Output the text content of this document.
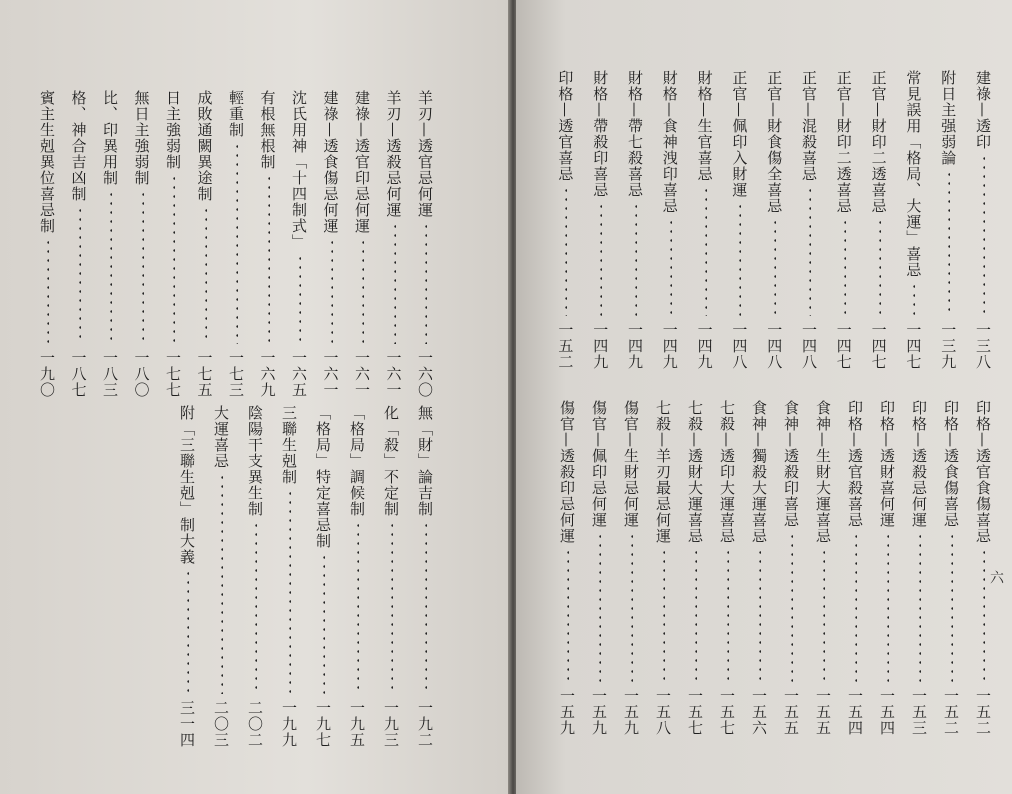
六
建祿—透印
一三八
附日主强弱論
一三九
常見誤用「格局、大運」喜忌
一四七
正官—財印二透喜忌
一四七
正官—財印二透喜忌
一四七
正官—混殺喜忌
一四八
正官—財食傷全喜忌
一四八
正官—佩印入財運
一四八
財格—生官喜忌
一四九
財格—食神洩印喜忌
一四九
財格—帶七殺喜忌
一四九
財格—帶殺印喜忌
一四九
印格—透官喜忌
一五二
印格—透官食傷喜忌
一五二
印格—透食傷喜忌
一五二
印格—透殺忌何運
一五三
印格—透財喜何運
一五四
印格—透官殺喜忌
一五四
食神—生財大運喜忌
一五五
食神—透殺印喜忌
一五五
食神—獨殺大運喜忌
一五六
七殺—透印大運喜忌
一五七
七殺—透財大運喜忌
一五七
七殺—羊刃最忌何運
一五八
傷官—生財忌何運
一五九
傷官—佩印忌何運
一五九
傷官—透殺印忌何運
一五九
羊刃—透官忌何運
一六〇
羊刃—透殺忌何運
一六一
建祿—透官印忌何運
一六一
建祿—透食傷忌何運
一六一
沈氏用神「十四制式」
一六五
有根無根制
一六九
輕重制
一七三
成敗通闕異途制
一七五
日主強弱制
一七七
無日主強弱制
一八〇
比、印異用制
一八三
格、神合吉凶制
一八七
賓主生剋異位喜忌制
一九〇
無「財」論吉制
一九二
化「殺」不定制
一九三
「格局」調候制
一九五
「格局」特定喜忌制
一九七
三聯生剋制
一九九
陰陽干支異生制
二〇二
大運喜忌
二〇三
附「三聯生剋」制大義
三一四
